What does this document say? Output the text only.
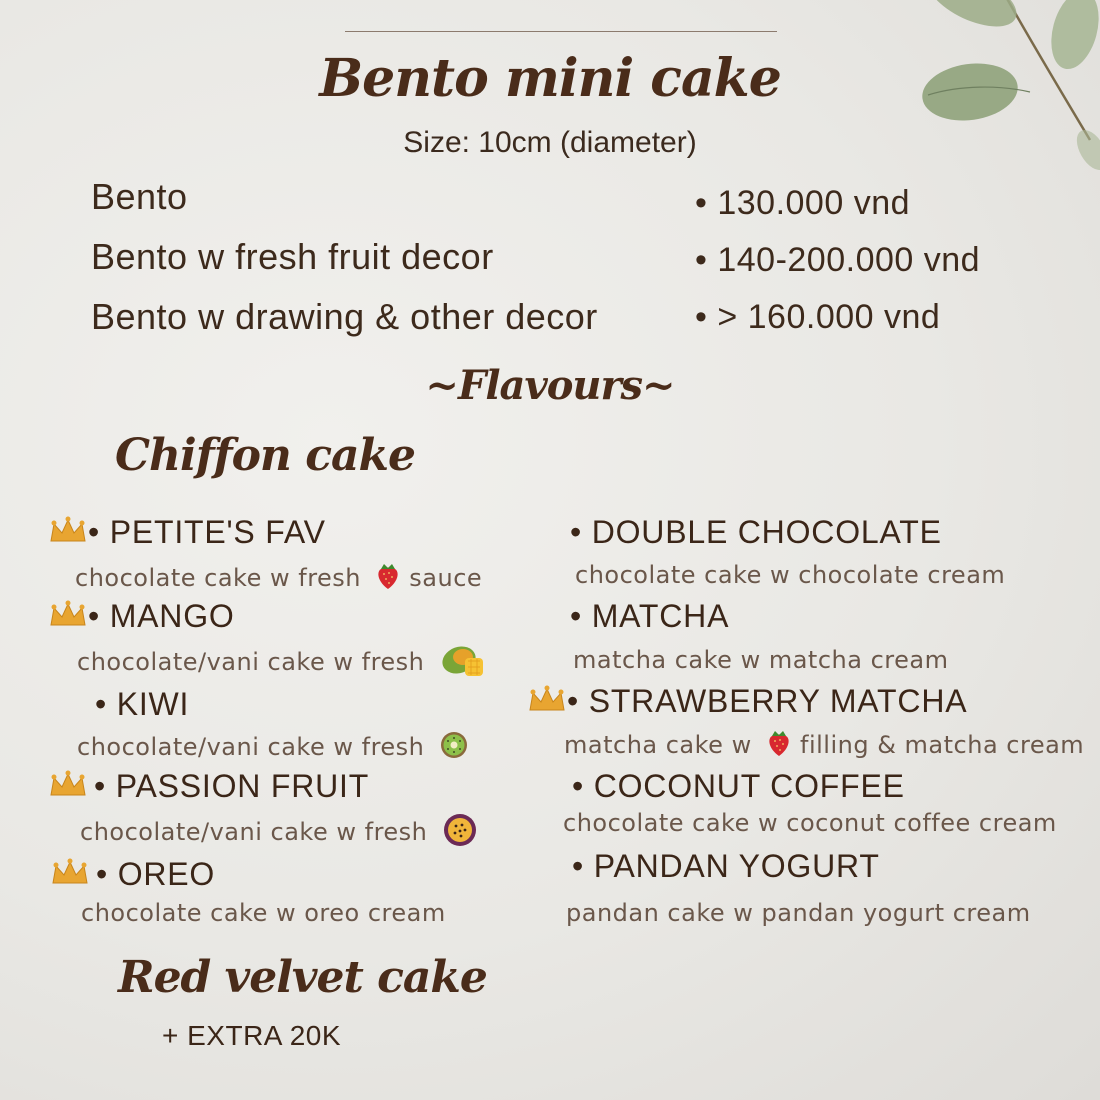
Bento mini cake
Size: 10cm (diameter)
Bento	• 130.000 vnd
Bento w fresh fruit decor	• 140-200.000 vnd
Bento w drawing & other decor	• > 160.000 vnd
~Flavours~
Chiffon cake
• PETITE'S FAV
chocolate cake w fresh sauce
• MANGO
chocolate/vani cake w fresh
• KIWI
chocolate/vani cake w fresh
• PASSION FRUIT
chocolate/vani cake w fresh
• OREO
chocolate cake w oreo cream
• DOUBLE CHOCOLATE
chocolate cake w chocolate cream
• MATCHA
matcha cake w matcha cream
• STRAWBERRY MATCHA
matcha cake w filling & matcha cream
• COCONUT COFFEE
chocolate cake w coconut coffee cream
• PANDAN YOGURT
pandan cake w pandan yogurt cream
Red velvet cake
+ EXTRA 20K
